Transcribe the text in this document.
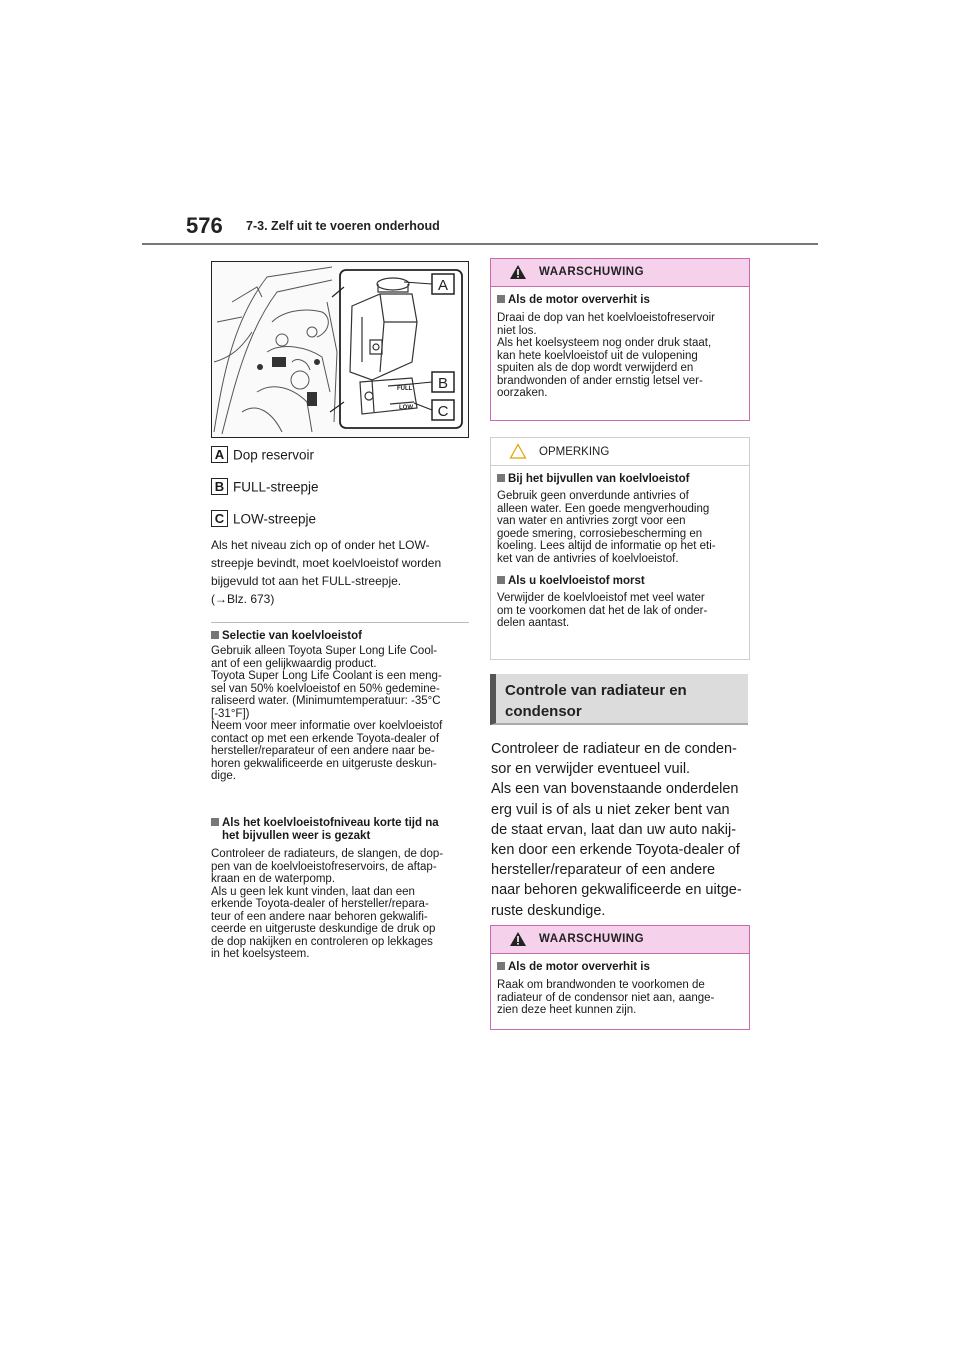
576 7-3. Zelf uit te voeren onderhoud
FULL
LOW
A
B
C
A Dop reservoir
B FULL-streepje
C LOW-streepje
Als het niveau zich op of onder het LOW-
streepje bevindt, moet koelvloeistof worden
bijgevuld tot aan het FULL-streepje.
(→Blz. 673)
Selectie van koelvloeistof
Gebruik alleen Toyota Super Long Life Cool-
ant of een gelijkwaardig product.
Toyota Super Long Life Coolant is een meng-
sel van 50% koelvloeistof en 50% gedemine-
raliseerd water. (Minimumtemperatuur: -35°C
[-31°F])
Neem voor meer informatie over koelvloeistof
contact op met een erkende Toyota-dealer of
hersteller/reparateur of een andere naar be-
horen gekwalificeerde en uitgeruste deskun-
dige.
Als het koelvloeistofniveau korte tijd na
het bijvullen weer is gezakt
Controleer de radiateurs, de slangen, de dop-
pen van de koelvloeistofreservoirs, de aftap-
kraan en de waterpomp.
Als u geen lek kunt vinden, laat dan een
erkende Toyota-dealer of hersteller/repara-
teur of een andere naar behoren gekwalifi-
ceerde en uitgeruste deskundige de druk op
de dop nakijken en controleren op lekkages
in het koelsysteem.
WAARSCHUWING
Als de motor oververhit is
Draai de dop van het koelvloeistofreservoir
niet los.
Als het koelsysteem nog onder druk staat,
kan hete koelvloeistof uit de vulopening
spuiten als de dop wordt verwijderd en
brandwonden of ander ernstig letsel ver-
oorzaken.
OPMERKING
Bij het bijvullen van koelvloeistof
Gebruik geen onverdunde antivries of
alleen water. Een goede mengverhouding
van water en antivries zorgt voor een
goede smering, corrosiebescherming en
koeling. Lees altijd de informatie op het eti-
ket van de antivries of koelvloeistof.
Als u koelvloeistof morst
Verwijder de koelvloeistof met veel water
om te voorkomen dat het de lak of onder-
delen aantast.
Controle van radiateur en
condensor
Controleer de radiateur en de conden-
sor en verwijder eventueel vuil.
Als een van bovenstaande onderdelen
erg vuil is of als u niet zeker bent van
de staat ervan, laat dan uw auto nakij-
ken door een erkende Toyota-dealer of
hersteller/reparateur of een andere
naar behoren gekwalificeerde en uitge-
ruste deskundige.
WAARSCHUWING
Als de motor oververhit is
Raak om brandwonden te voorkomen de
radiateur of de condensor niet aan, aange-
zien deze heet kunnen zijn.
